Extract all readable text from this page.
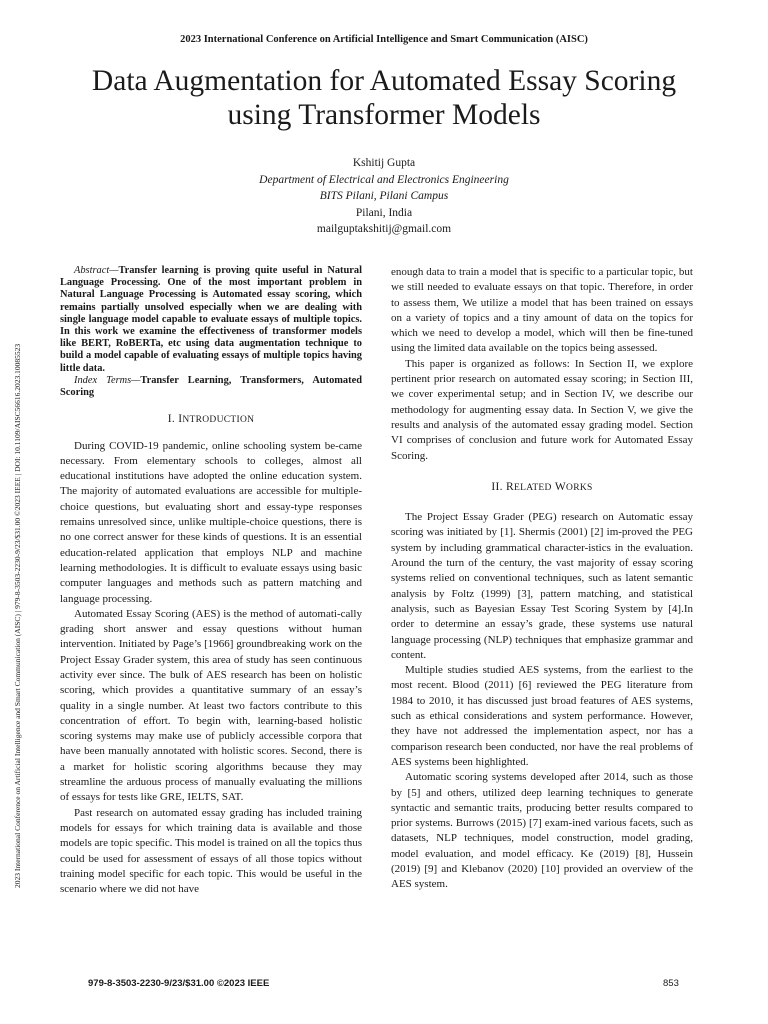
2023 International Conference on Artificial Intelligence and Smart Communication (AISC)
2023 International Conference on Artificial Intelligence and Smart Communication (AISC) | 979-8-3503-2230-9/23/$31.00 ©2023 IEEE | DOI: 10.1109/AISC56616.2023.10085523
Data Augmentation for Automated Essay Scoring
using Transformer Models
Kshitij Gupta
Department of Electrical and Electronics Engineering
BITS Pilani, Pilani Campus
Pilani, India
mailguptakshitij@gmail.com

Abstract—Transfer learning is proving quite useful in Natural Language Processing. One of the most important problem in Natural Language Processing is Automated essay scoring, which remains partially unsolved especially when we are dealing with single language model capable to evaluate essays of multiple topics. In this work we examine the effectiveness of transformer models like BERT, RoBERTa, etc using data augmentation technique to build a model capable of evaluating essays of multiple topics having little data.

Index Terms—Transfer Learning, Transformers, Automated Scoring

I. INTRODUCTION

During COVID-19 pandemic, online schooling system be-came necessary. From elementary schools to colleges, almost all educational institutions have adopted the online education system. The majority of automated evaluations are accessible for multiple-choice questions, but evaluating short and essay-type responses remains unresolved since, unlike multiple-choice questions, there is no one correct answer for these kinds of questions. It is an essential education-related application that employs NLP and machine learning methodologies. It is difficult to evaluate essays using basic computer languages and methods such as pattern matching and language processing.

Automated Essay Scoring (AES) is the method of automati-cally grading short answer and essay questions without human intervention. Initiated by Page’s [1966] groundbreaking work on the Project Essay Grader system, this area of study has seen continuous activity ever since. The bulk of AES research has been on holistic scoring, which provides a quantitative summary of an essay’s quality in a single number. At least two factors contribute to this concentration of effort. To begin with, learning-based holistic scoring systems may make use of publicly accessible corpora that have been manually annotated with holistic scores. Second, there is a market for holistic scoring algorithms because they may streamline the arduous process of manually evaluating the millions of essays for tests like GRE, IELTS, SAT.

Past research on automated essay grading has included training models for essays for which training data is available and those models are topic specific. This model is trained on all the topics thus could be used for assessment of essays of all those topics without training model specific for each topic. This would be useful in the scenario where we did not have

enough data to train a model that is specific to a particular topic, but we still needed to evaluate essays on that topic. Therefore, in order to assess them, We utilize a model that has been trained on essays on a variety of topics and a tiny amount of data on the topics for which we need to develop a model, which will then be fine-tuned using the limited data available on the topics being assessed.

This paper is organized as follows: In Section II, we explore pertinent prior research on automated essay scoring; in Section III, we cover experimental setup; and in Section IV, we describe our methodology for augmenting essay data. In Section V, we give the results and analysis of the automated essay grading model. Section VI comprises of conclusion and future work for Automated Essay Scoring.

II. RELATED WORKS

The Project Essay Grader (PEG) research on Automatic essay scoring was initiated by [1]. Shermis (2001) [2] im-proved the PEG system by including grammatical character-istics in the evaluation. Around the turn of the century, the vast majority of essay scoring systems relied on conventional techniques, such as latent semantic analysis by Foltz (1999) [3], pattern matching, and statistical analysis, such as Bayesian Essay Test Scoring System by [4].In order to determine an essay’s grade, these systems use natural language processing (NLP) techniques that emphasize grammar and content.

Multiple studies studied AES systems, from the earliest to the most recent. Blood (2011) [6] reviewed the PEG literature from 1984 to 2010, it has discussed just broad features of AES systems, such as ethical considerations and system performance. However, they have not addressed the implementation aspect, nor has a comparison research been conducted, nor have the real problems of AES systems been highlighted.

Automatic scoring systems developed after 2014, such as those by [5] and others, utilized deep learning techniques to generate syntactic and semantic traits, producing better results compared to prior systems. Burrows (2015) [7] exam-ined various facets, such as datasets, NLP techniques, model construction, model grading, model evaluation, and model efficacy. Ke (2019) [8], Hussein (2019) [9] and Klebanov (2020) [10] provided an overview of the AES system.

979-8-3503-2230-9/23/$31.00 ©2023 IEEE	853
